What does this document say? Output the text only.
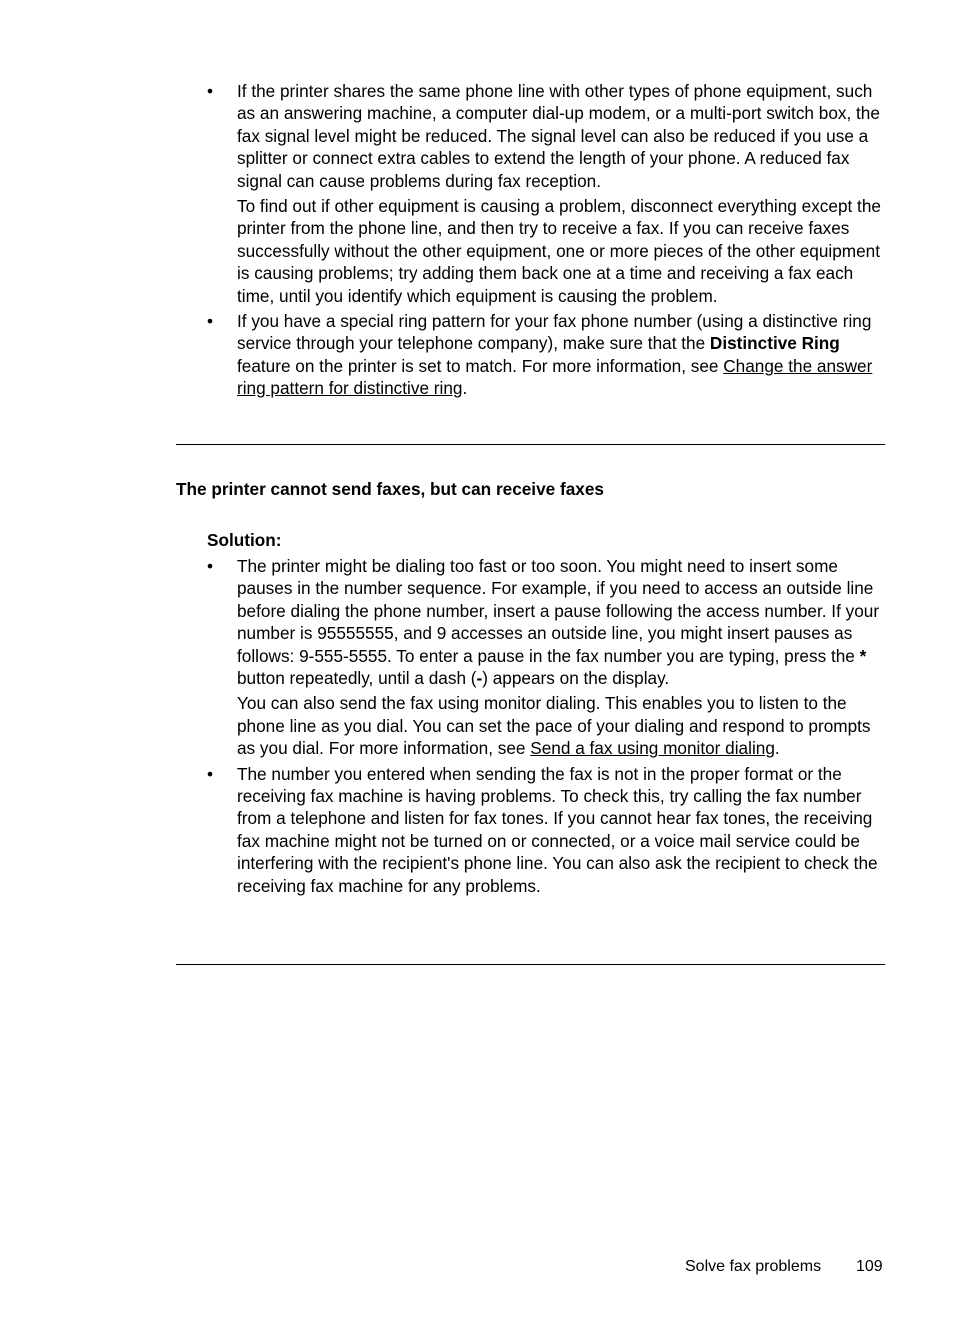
• If the printer shares the same phone line with other types of phone equipment, such as an answering machine, a computer dial-up modem, or a multi-port switch box, the fax signal level might be reduced. The signal level can also be reduced if you use a splitter or connect extra cables to extend the length of your phone. A reduced fax signal can cause problems during fax reception.

To find out if other equipment is causing a problem, disconnect everything except the printer from the phone line, and then try to receive a fax. If you can receive faxes successfully without the other equipment, one or more pieces of the other equipment is causing problems; try adding them back one at a time and receiving a fax each time, until you identify which equipment is causing the problem.

• If you have a special ring pattern for your fax phone number (using a distinctive ring service through your telephone company), make sure that the Distinctive Ring feature on the printer is set to match. For more information, see Change the answer ring pattern for distinctive ring.

The printer cannot send faxes, but can receive faxes
Solution:
• The printer might be dialing too fast or too soon. You might need to insert some pauses in the number sequence. For example, if you need to access an outside line before dialing the phone number, insert a pause following the access number. If your number is 95555555, and 9 accesses an outside line, you might insert pauses as follows: 9-555-5555. To enter a pause in the fax number you are typing, press the * button repeatedly, until a dash (-) appears on the display.

You can also send the fax using monitor dialing. This enables you to listen to the phone line as you dial. You can set the pace of your dialing and respond to prompts as you dial. For more information, see Send a fax using monitor dialing.

• The number you entered when sending the fax is not in the proper format or the receiving fax machine is having problems. To check this, try calling the fax number from a telephone and listen for fax tones. If you cannot hear fax tones, the receiving fax machine might not be turned on or connected, or a voice mail service could be interfering with the recipient's phone line. You can also ask the recipient to check the receiving fax machine for any problems.

Solve fax problems 109
